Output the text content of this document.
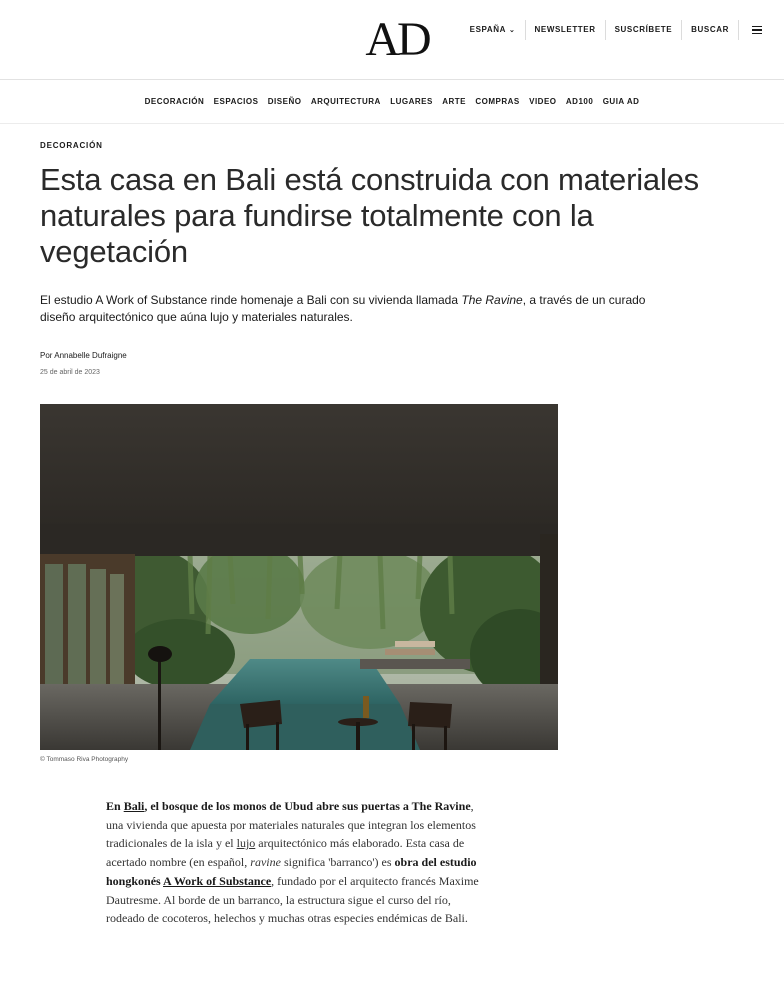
AD	ESPAÑA ⌄	NEWSLETTER	SUSCRÍBETE	BUSCAR
DECORACIÓN	ESPACIOS	DISEÑO	ARQUITECTURA	LUGARES	ARTE	COMPRAS	VIDEO	AD100	GUIA AD
DECORACIÓN
Esta casa en Bali está construida con materiales naturales para fundirse totalmente con la vegetación

El estudio A Work of Substance rinde homenaje a Bali con su vivienda llamada The Ravine, a través de un curado diseño arquitectónico que aúna lujo y materiales naturales.

Por Annabelle Dufraigne
25 de abril de 2023
© Tommaso Riva Photography

En Bali, el bosque de los monos de Ubud abre sus puertas a The Ravine, una vivienda que apuesta por materiales naturales que integran los elementos tradicionales de la isla y el lujo arquitectónico más elaborado. Esta casa de acertado nombre (en español, ravine significa 'barranco') es obra del estudio hongkonés A Work of Substance, fundado por el arquitecto francés Maxime Dautresme. Al borde de un barranco, la estructura sigue el curso del río, rodeado de cocoteros, helechos y muchas otras especies endémicas de Bali.
